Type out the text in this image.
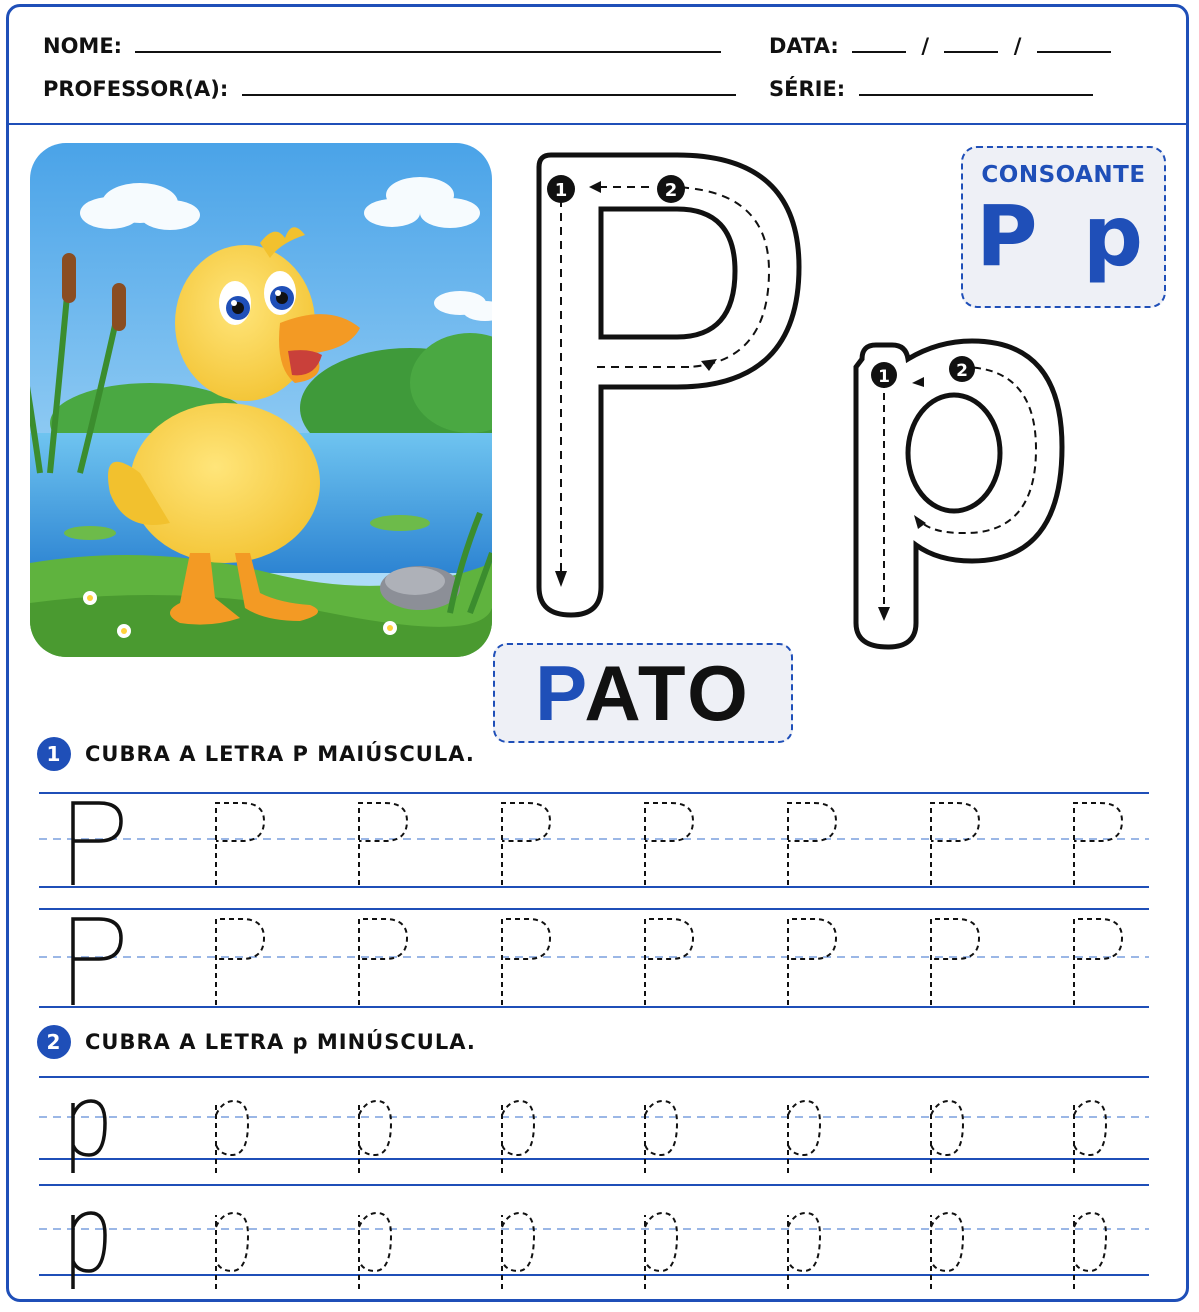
NOME:	DATA:	/	/
PROFESSOR(A):	SÉRIE:
1	2
1	2
CONSOANTE
P p
PATO
1 CUBRA A LETRA P MAIÚSCULA.
2 CUBRA A LETRA p MINÚSCULA.
